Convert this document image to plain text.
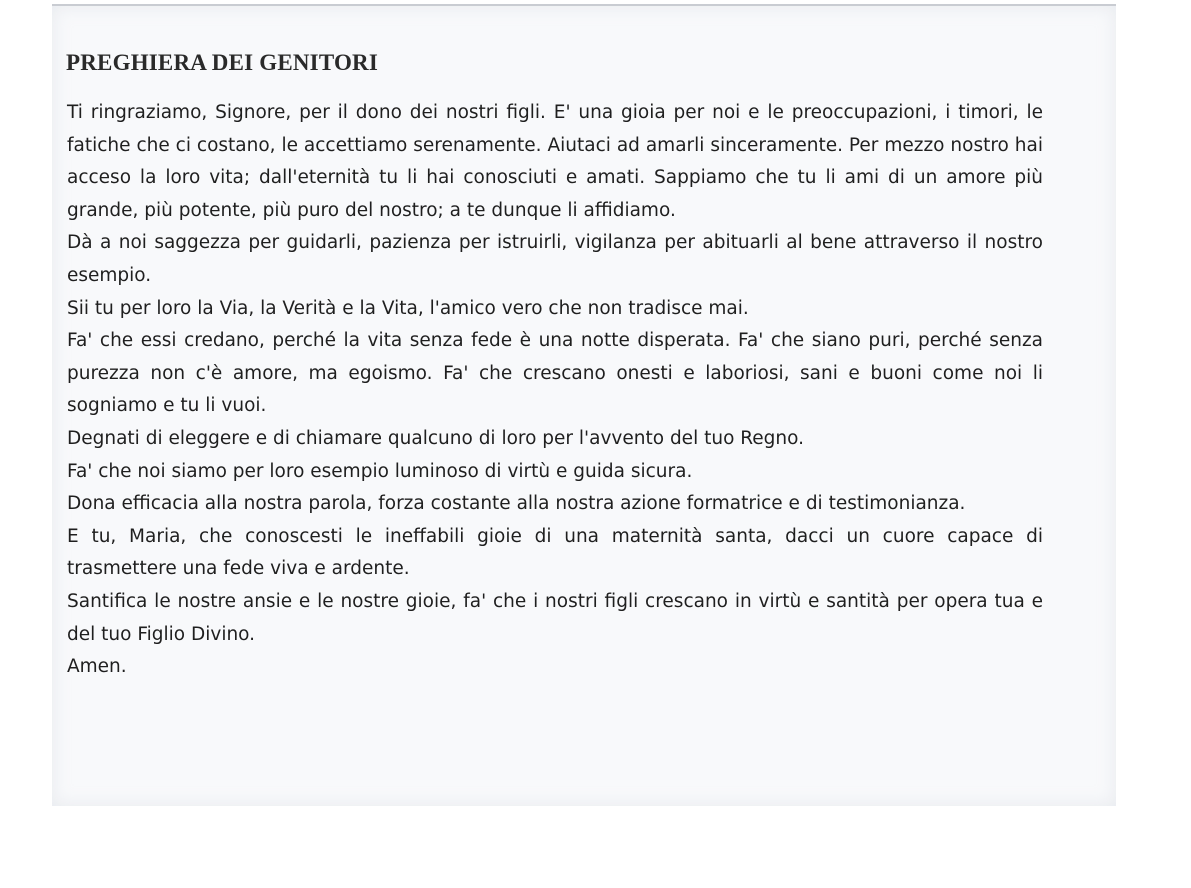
PREGHIERA DEI GENITORI

Ti ringraziamo, Signore, per il dono dei nostri figli. E' una gioia per noi e le preoccupazioni, i timori, le fatiche che ci costano, le accettiamo serenamente. Aiutaci ad amarli sinceramente. Per mezzo nostro hai acceso la loro vita; dall'eternità tu li hai conosciuti e amati. Sappiamo che tu li ami di un amore più grande, più potente, più puro del nostro; a te dunque li affidiamo.

Dà a noi saggezza per guidarli, pazienza per istruirli, vigilanza per abituarli al bene attraverso il nostro esempio.

Sii tu per loro la Via, la Verità e la Vita, l'amico vero che non tradisce mai.

Fa' che essi credano, perché la vita senza fede è una notte disperata. Fa' che siano puri, perché senza purezza non c'è amore, ma egoismo. Fa' che crescano onesti e laboriosi, sani e buoni come noi li sogniamo e tu li vuoi.

Degnati di eleggere e di chiamare qualcuno di loro per l'avvento del tuo Regno.

Fa' che noi siamo per loro esempio luminoso di virtù e guida sicura.

Dona efficacia alla nostra parola, forza costante alla nostra azione formatrice e di testimonianza.

E tu, Maria, che conoscesti le ineffabili gioie di una maternità santa, dacci un cuore capace di trasmettere una fede viva e ardente.

Santifica le nostre ansie e le nostre gioie, fa' che i nostri figli crescano in virtù e santità per opera tua e del tuo Figlio Divino.

Amen.
